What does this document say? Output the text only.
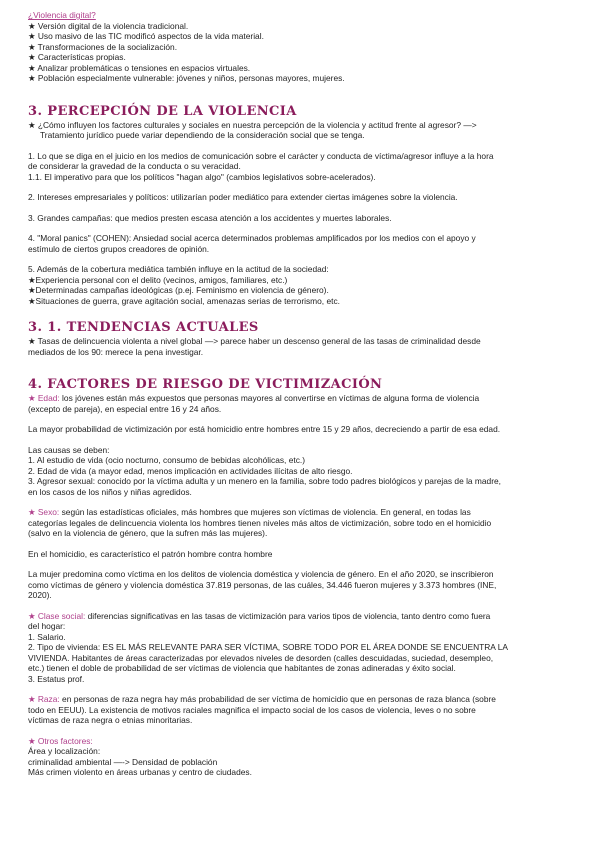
¿Violencia digital?
★ Versión digital de la violencia tradicional.
★ Uso masivo de las TIC modificó aspectos de la vida material.
★ Transformaciones de la socialización.
★ Características propias.
★ Analizar problemáticas o tensiones en espacios virtuales.
★ Población especialmente vulnerable: jóvenes y niños, personas mayores, mujeres.
3. PERCEPCIÓN DE LA VIOLENCIA
★ ¿Cómo influyen los factores culturales y sociales en nuestra percepción de la violencia y actitud frente al agresor? —>
Tratamiento jurídico puede variar dependiendo de la consideración social que se tenga.
1. Lo que se diga en el juicio en los medios de comunicación sobre el carácter y conducta de víctima/agresor influye a la hora
de considerar la gravedad de la conducta o su veracidad.
1.1. El imperativo para que los políticos "hagan algo" (cambios legislativos sobre-acelerados).
2. Intereses empresariales y políticos: utilizarían poder mediático para extender ciertas imágenes sobre la violencia.
3. Grandes campañas: que medios presten escasa atención a los accidentes y muertes laborales.
4. "Moral panics" (COHEN): Ansiedad social acerca determinados problemas amplificados por los medios con el apoyo y
estímulo de ciertos grupos creadores de opinión.
5. Además de la cobertura mediática también influye en la actitud de la sociedad:
★Experiencia personal con el delito (vecinos, amigos, familiares, etc.)
★Determinadas campañas ideológicas (p.ej. Feminismo en violencia de género).
★Situaciones de guerra, grave agitación social, amenazas serias de terrorismo, etc.
3. 1. TENDENCIAS ACTUALES
★ Tasas de delincuencia violenta a nivel global —> parece haber un descenso general de las tasas de criminalidad desde
mediados de los 90: merece la pena investigar.
4. FACTORES DE RIESGO DE VICTIMIZACIÓN
★ Edad: los jóvenes están más expuestos que personas mayores al convertirse en víctimas de alguna forma de violencia
(excepto de pareja), en especial entre 16 y 24 años.
La mayor probabilidad de victimización por está homicidio entre hombres entre 15 y 29 años, decreciendo a partir de esa edad.
Las causas se deben:
1. Al estudio de vida (ocio nocturno, consumo de bebidas alcohólicas, etc.)
2. Edad de vida (a mayor edad, menos implicación en actividades ilícitas de alto riesgo.
3. Agresor sexual: conocido por la víctima adulta y un menero en la familia, sobre todo padres biológicos y parejas de la madre,
en los casos de los niños y niñas agredidos.
★ Sexo: según las estadísticas oficiales, más hombres que mujeres son víctimas de violencia. En general, en todas las
categorías legales de delincuencia violenta los hombres tienen niveles más altos de victimización, sobre todo en el homicidio
(salvo en la violencia de género, que la sufren más las mujeres).
En el homicidio, es característico el patrón hombre contra hombre
La mujer predomina como víctima en los delitos de violencia doméstica y violencia de género. En el año 2020, se inscribieron
como víctimas de género y violencia doméstica 37.819 personas, de las cuáles, 34.446 fueron mujeres y 3.373 hombres (INE,
2020).
★ Clase social: diferencias significativas en las tasas de victimización para varios tipos de violencia, tanto dentro como fuera
del hogar:
1. Salario.
2. Tipo de vivienda: ES EL MÁS RELEVANTE PARA SER VÍCTIMA, SOBRE TODO POR EL ÁREA DONDE SE ENCUENTRA LA
VIVIENDA. Habitantes de áreas caracterizadas por elevados niveles de desorden (calles descuidadas, suciedad, desempleo,
etc.) tienen el doble de probabilidad de ser víctimas de violencia que habitantes de zonas adineradas y éxito social.
3. Estatus prof.
★ Raza: en personas de raza negra hay más probabilidad de ser víctima de homicidio que en personas de raza blanca (sobre
todo en EEUU). La existencia de motivos raciales magnifica el impacto social de los casos de violencia, leves o no sobre
víctimas de raza negra o etnias minoritarias.
★ Otros factores:
Área y localización:
criminalidad ambiental —-> Densidad de población
Más crimen violento en áreas urbanas y centro de ciudades.
